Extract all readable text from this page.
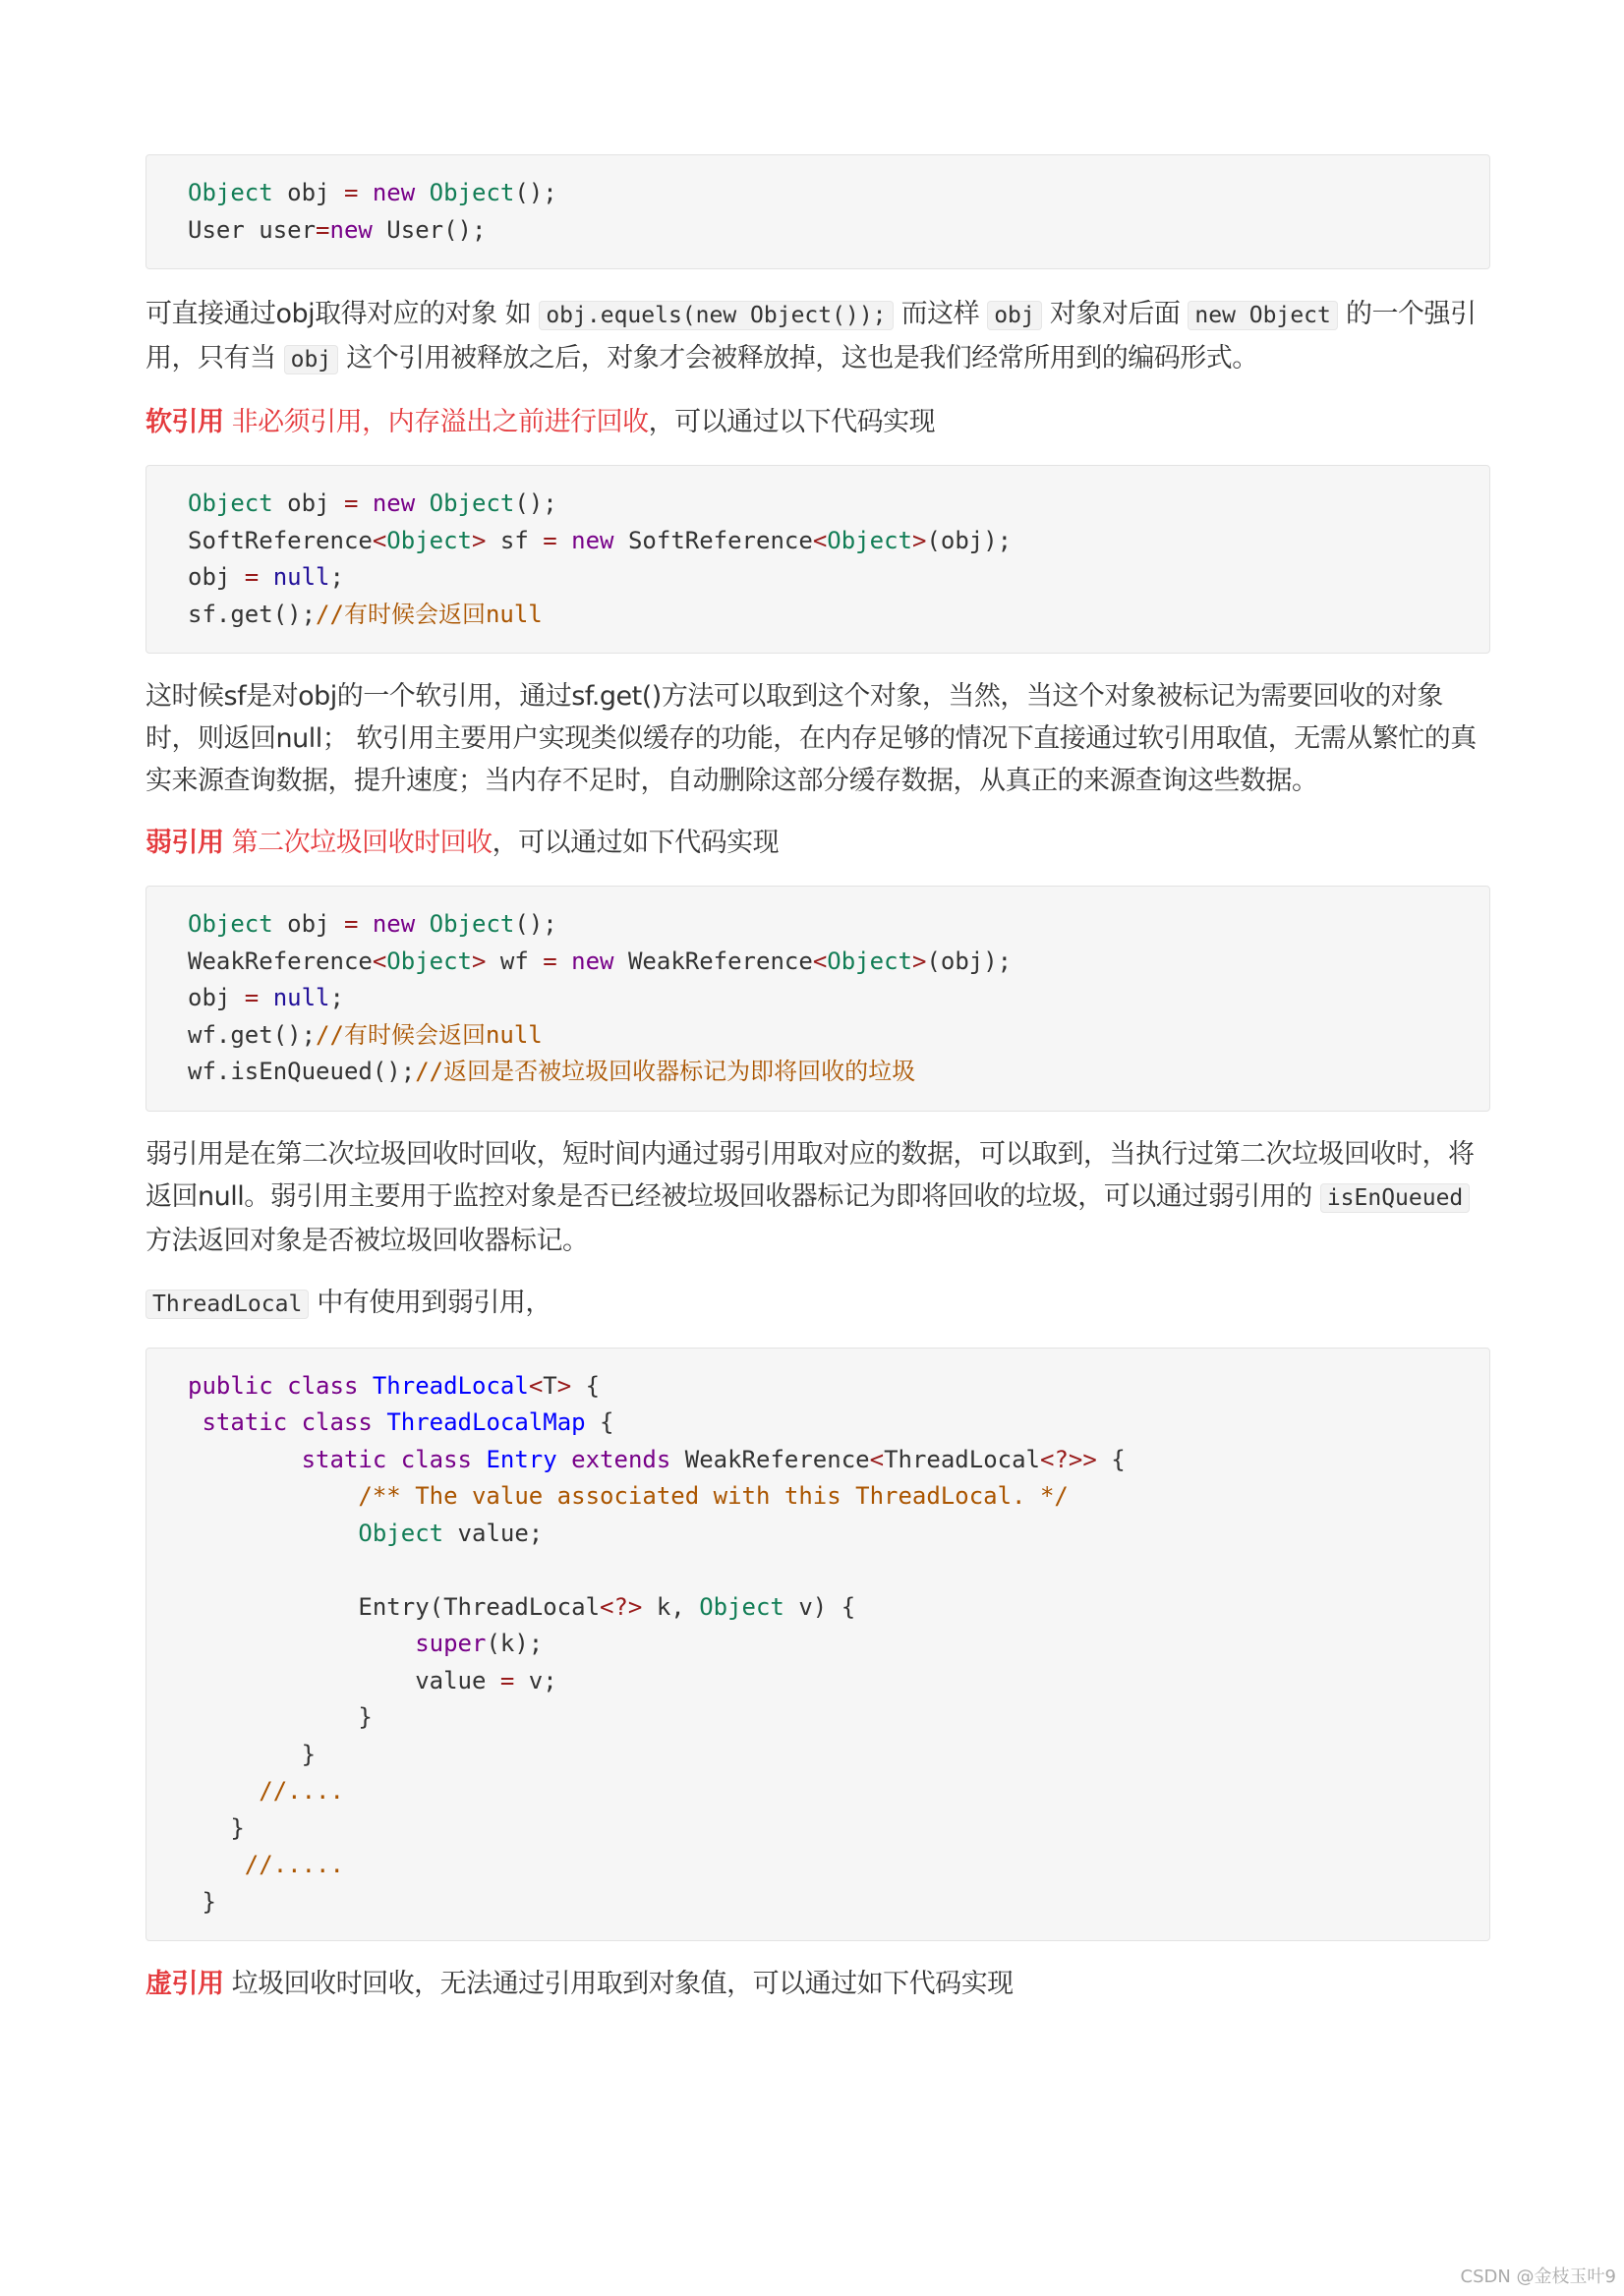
Object obj = new Object();
User user=new User();

可直接通过obj取得对应的对象 如 obj.equels(new Object()); 而这样 obj 对象对后面 new Object 的一个强引用，只有当 obj 这个引用被释放之后，对象才会被释放掉，这也是我们经常所用到的编码形式。

软引用 非必须引用，内存溢出之前进行回收，可以通过以下代码实现

Object obj = new Object();
SoftReference<Object> sf = new SoftReference<Object>(obj);
obj = null;
sf.get();//有时候会返回null

这时候sf是对obj的一个软引用，通过sf.get()方法可以取到这个对象，当然，当这个对象被标记为需要回收的对象时，则返回null； 软引用主要用户实现类似缓存的功能，在内存足够的情况下直接通过软引用取值，无需从繁忙的真实来源查询数据，提升速度；当内存不足时，自动删除这部分缓存数据，从真正的来源查询这些数据。

弱引用 第二次垃圾回收时回收，可以通过如下代码实现

Object obj = new Object();
WeakReference<Object> wf = new WeakReference<Object>(obj);
obj = null;
wf.get();//有时候会返回null
wf.isEnQueued();//返回是否被垃圾回收器标记为即将回收的垃圾

弱引用是在第二次垃圾回收时回收，短时间内通过弱引用取对应的数据，可以取到，当执行过第二次垃圾回收时，将返回null。弱引用主要用于监控对象是否已经被垃圾回收器标记为即将回收的垃圾，可以通过弱引用的 isEnQueued 方法返回对象是否被垃圾回收器标记。

ThreadLocal 中有使用到弱引用，

public class ThreadLocal<T> {
static class ThreadLocalMap {
static class Entry extends WeakReference<ThreadLocal<?>> {
/** The value associated with this ThreadLocal. */
Object value;
Entry(ThreadLocal<?> k, Object v) {
super(k);
value = v;
}
}
//....
}
//.....
}

虚引用 垃圾回收时回收，无法通过引用取到对象值，可以通过如下代码实现

CSDN @金枝玉叶9
